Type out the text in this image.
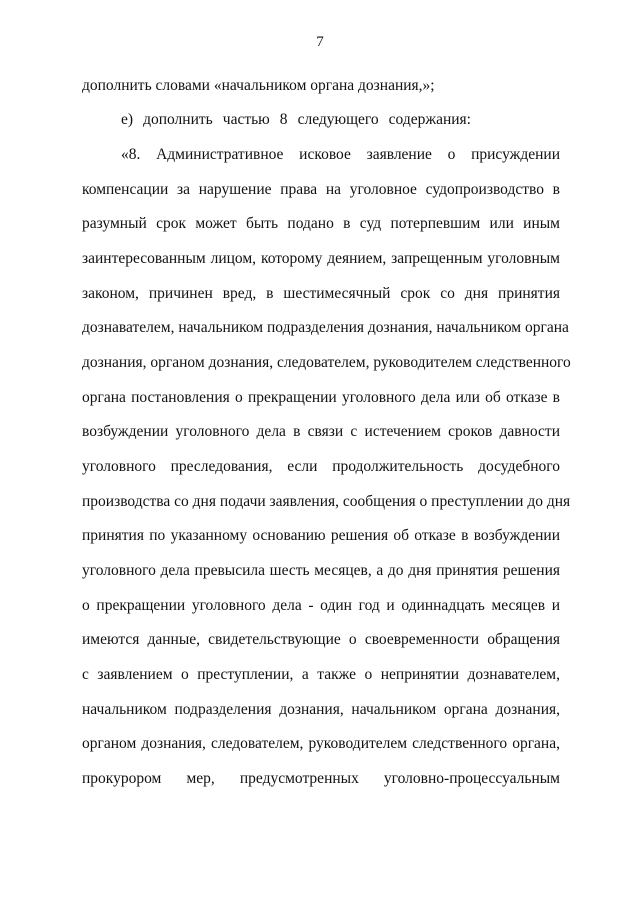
7
дополнить словами «начальником органа дознания,»;
е) дополнить частью 8 следующего содержания:
«8. Административное исковое заявление о присуждении
компенсации за нарушение права на уголовное судопроизводство в
разумный срок может быть подано в суд потерпевшим или иным
заинтересованным лицом, которому деянием, запрещенным уголовным
законом, причинен вред, в шестимесячный срок со дня принятия
дознавателем, начальником подразделения дознания, начальником органа
дознания, органом дознания, следователем, руководителем следственного
органа постановления о прекращении уголовного дела или об отказе в
возбуждении уголовного дела в связи с истечением сроков давности
уголовного преследования, если продолжительность досудебного
производства со дня подачи заявления, сообщения о преступлении до дня
принятия по указанному основанию решения об отказе в возбуждении
уголовного дела превысила шесть месяцев, а до дня принятия решения
о прекращении уголовного дела - один год и одиннадцать месяцев и
имеются данные, свидетельствующие о своевременности обращения
с заявлением о преступлении, а также о непринятии дознавателем,
начальником подразделения дознания, начальником органа дознания,
органом дознания, следователем, руководителем следственного органа,
прокурором мер, предусмотренных уголовно-процессуальным
